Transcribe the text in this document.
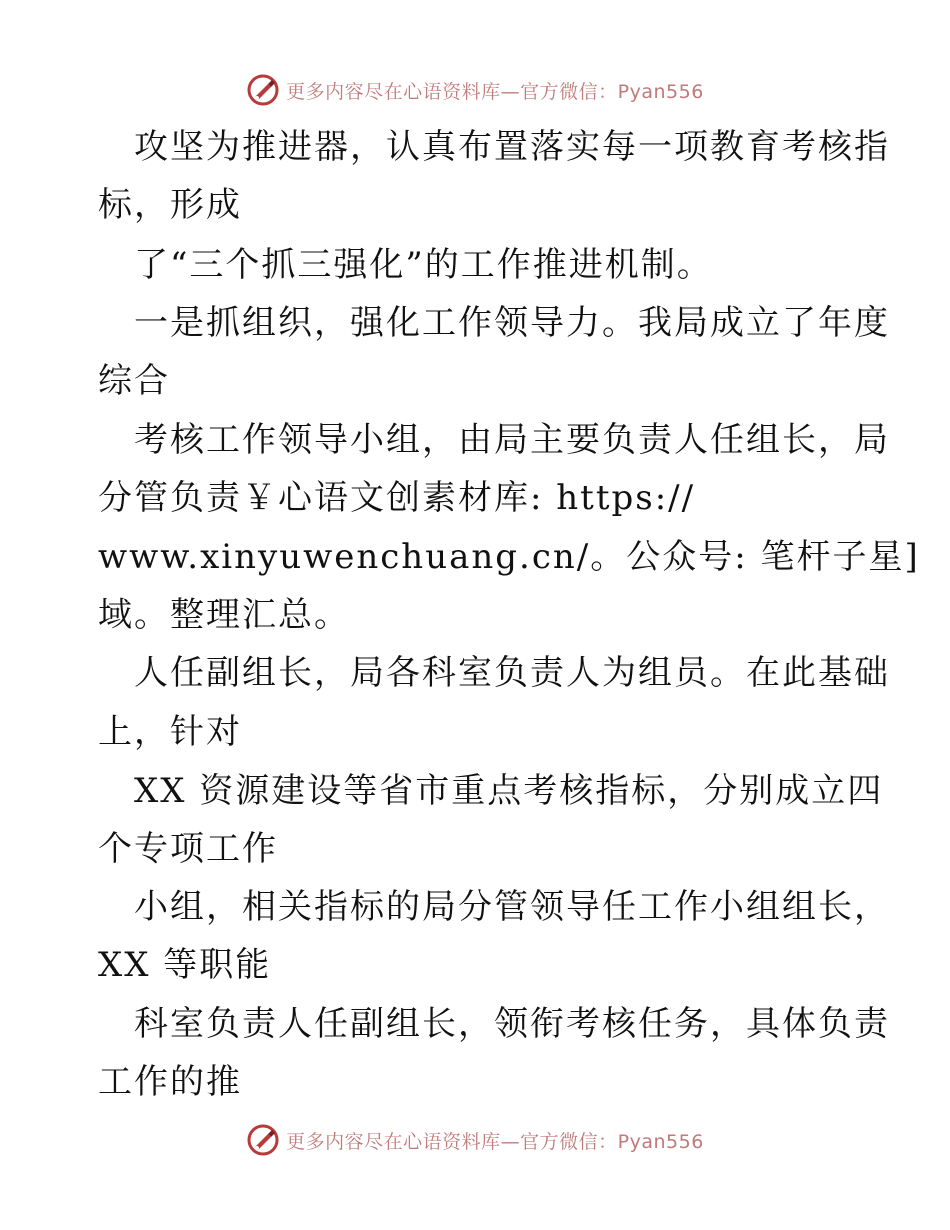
更多内容尽在心语资料库—官方微信：Pyan556
攻坚为推进器，认真布置落实每一项教育考核指
标，形成
了“三个抓三强化”的工作推进机制。
一是抓组织，强化工作领导力。我局成立了年度
综合
考核工作领导小组，由局主要负责人任组长，局
分管负责￥心语文创素材库: https://
www.xinyuwenchuang.cn/。公众号: 笔杆子星]
域。整理汇总。
人任副组长，局各科室负责人为组员。在此基础
上，针对
XX 资源建设等省市重点考核指标，分别成立四
个专项工作
小组，相关指标的局分管领导任工作小组组长，
XX 等职能
科室负责人任副组长，领衔考核任务，具体负责
工作的推
更多内容尽在心语资料库—官方微信：Pyan556
